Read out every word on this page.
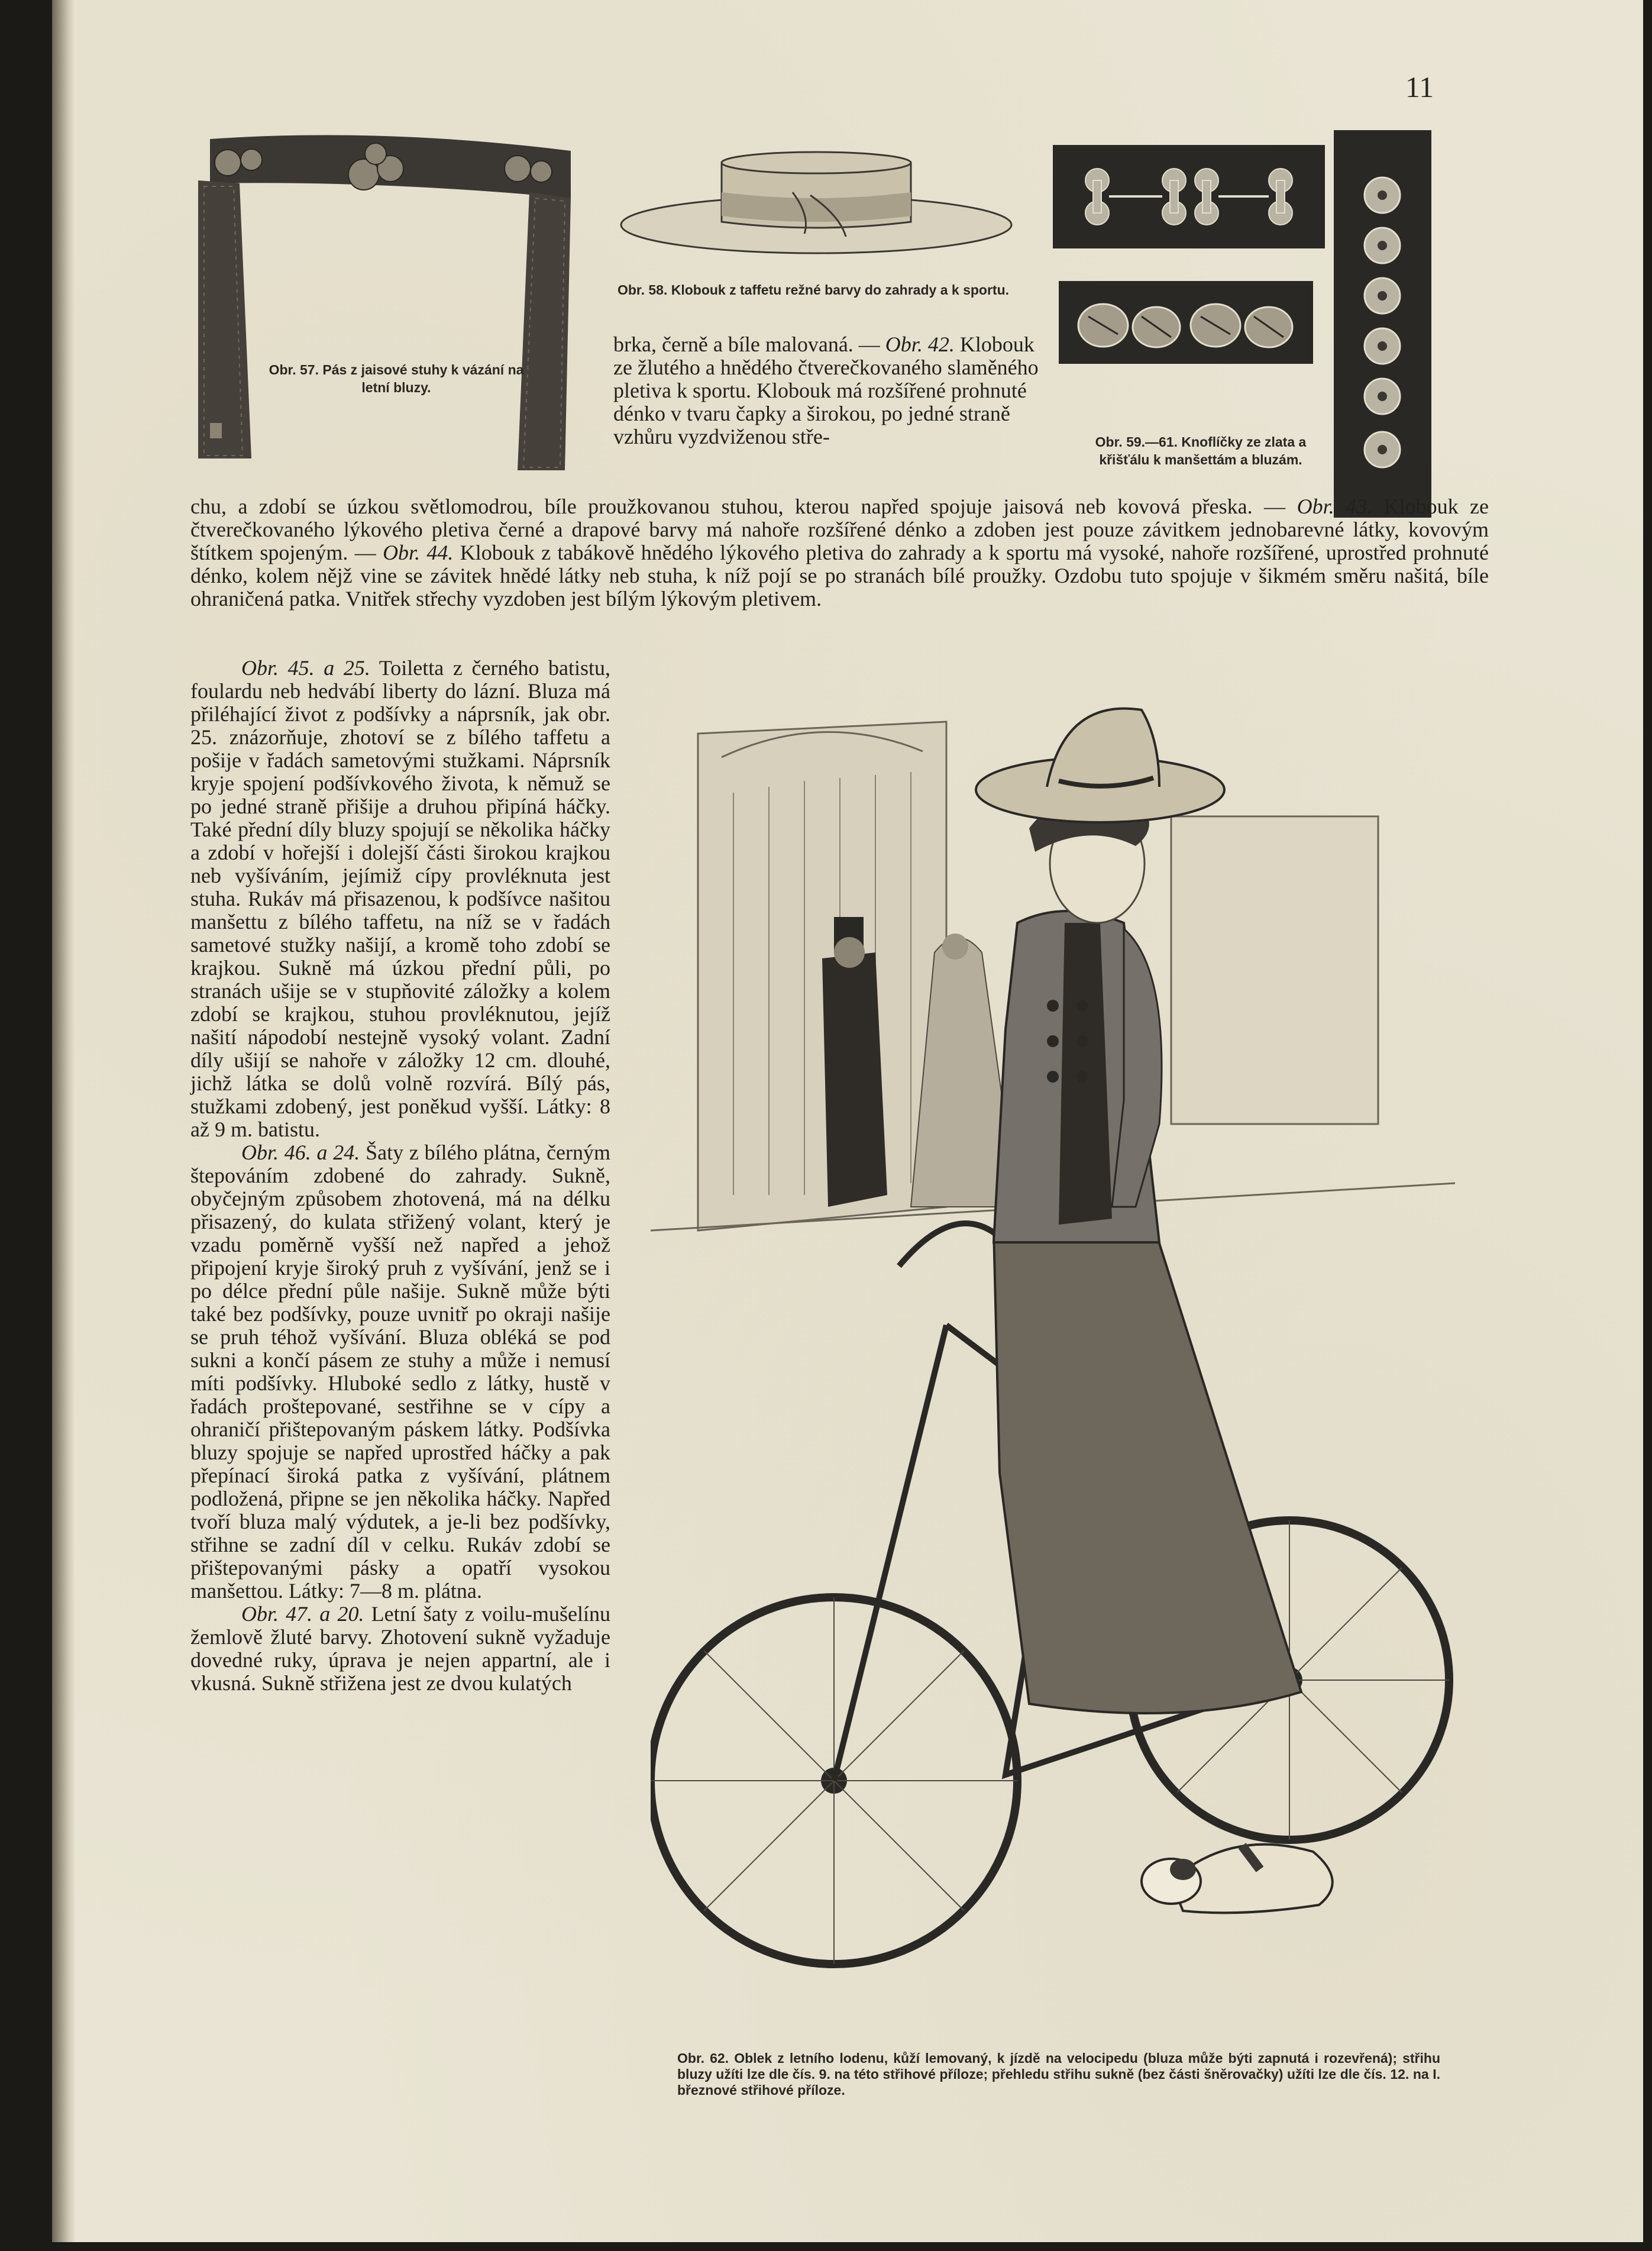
11
Obr. 57. Pás z jaisové stuhy k vázání na letní bluzy.
Obr. 58. Klobouk z taffetu režné barvy do zahrady a k sportu.
Obr. 59.—61. Knoflíčky ze zlata a křišťálu k manšettám a bluzám.

brka, černě a bíle malovaná. — Obr. 42. Klobouk ze žlutého a hnědého čtverečkovaného slaměného pletiva k sportu. Klobouk má rozšířené prohnuté dénko v tvaru čapky a širokou, po jedné straně vzhůru vyzdviženou stře-

chu, a zdobí se úzkou světlomodrou, bíle proužkovanou stuhou, kterou napřed spojuje jaisová neb kovová přeska. — Obr. 43. Klobouk ze čtverečkovaného lýkového pletiva černé a drapové barvy má nahoře rozšířené dénko a zdoben jest pouze závitkem jednobarevné látky, kovovým štítkem spojeným. — Obr. 44. Klobouk z tabákově hnědého lýkového pletiva do zahrady a k sportu má vysoké, nahoře rozšířené, uprostřed prohnuté dénko, kolem nějž vine se závitek hnědé látky neb stuha, k níž pojí se po stranách bílé proužky. Ozdobu tuto spojuje v šikmém směru našitá, bíle ohraničená patka. Vnitřek střechy vyzdoben jest bílým lýkovým pletivem.

Obr. 45. a 25. Toiletta z černého batistu, foulardu neb hedvábí liberty do lázní. Bluza má přiléhající život z podšívky a náprsník, jak obr. 25. znázorňuje, zhotoví se z bílého taffetu a pošije v řadách sametovými stužkami. Náprsník kryje spojení podšívkového života, k němuž se po jedné straně přišije a druhou připíná háčky. Také přední díly bluzy spojují se několika háčky a zdobí v hořejší i dolejší části širokou krajkou neb vyšíváním, jejímiž cípy provléknuta jest stuha. Rukáv má přisazenou, k podšívce našitou manšettu z bílého taffetu, na níž se v řadách sametové stužky našijí, a kromě toho zdobí se krajkou. Sukně má úzkou přední půli, po stranách ušije se v stupňovité záložky a kolem zdobí se krajkou, stuhou provléknutou, jejíž našití nápodobí nestejně vysoký volant. Zadní díly ušijí se nahoře v záložky 12 cm. dlouhé, jichž látka se dolů volně rozvírá. Bílý pás, stužkami zdobený, jest poněkud vyšší. Látky: 8 až 9 m. batistu.

Obr. 46. a 24. Šaty z bílého plátna, černým štepováním zdobené do zahrady. Sukně, obyčejným způsobem zhotovená, má na délku přisazený, do kulata střižený volant, který je vzadu poměrně vyšší než napřed a jehož připojení kryje široký pruh z vyšívání, jenž se i po délce přední půle našije. Sukně může býti také bez podšívky, pouze uvnitř po okraji našije se pruh téhož vyšívání. Bluza obléká se pod sukni a končí pásem ze stuhy a může i nemusí míti podšívky. Hluboké sedlo z látky, hustě v řadách proštepované, sestřihne se v cípy a ohraničí přištepovaným páskem látky. Podšívka bluzy spojuje se napřed uprostřed háčky a pak přepínací široká patka z vyšívání, plátnem podložená, připne se jen několika háčky. Napřed tvoří bluza malý výdutek, a je-li bez podšívky, střihne se zadní díl v celku. Rukáv zdobí se přištepovanými pásky a opatří vysokou manšettou. Látky: 7—8 m. plátna.

Obr. 47. a 20. Letní šaty z voilu-mušelínu žemlově žluté barvy. Zhotovení sukně vyžaduje dovedné ruky, úprava je nejen appartní, ale i vkusná. Sukně střižena jest ze dvou kulatých

Obr. 62. Oblek z letního lodenu, kůží lemovaný, k jízdě na velocipedu (bluza může býti zapnutá i rozevřená); střihu bluzy užíti lze dle čís. 9. na této střihové příloze; přehledu střihu sukně (bez části šněrovačky) užíti lze dle čís. 12. na I. březnové střihové příloze.
